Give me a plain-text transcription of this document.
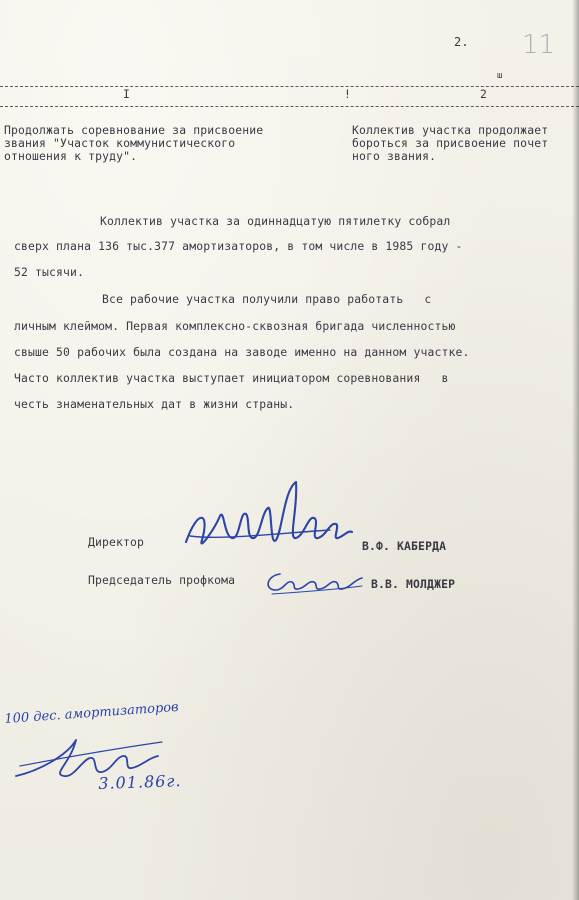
2. 11
I	!	2
ш
Продолжать соревнование за присвоение
звания "Участок коммунистического
отношения к труду".
Коллектив участка продолжает
бороться за присвоение почет
ного звания.
Коллектив участка за одиннадцатую пятилетку собрал
сверх плана 136 тыс.377 амортизаторов, в том числе в 1985 году -
52 тысячи.
Все рабочие участка получили право работать   с
личным клеймом. Первая комплексно-сквозная бригада численностью
свыше 50 рабочих была создана на заводе именно на данном участке.
Часто коллектив участка выступает инициатором соревнования   в
честь знаменательных дат в жизни страны.
Директор	В.Ф. КАБЕРДА
Председатель профкома	В.В. МОЛДЖЕР
100 дес. амортизаторов
3.01.86г.
